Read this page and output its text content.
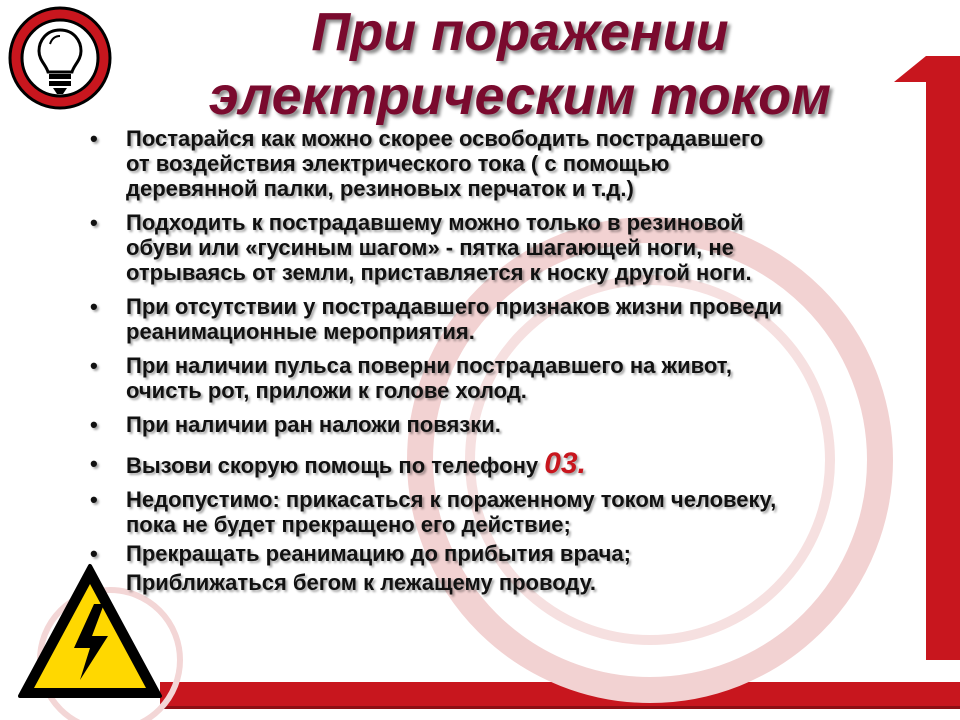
При поражении
электрическим током
• Постарайся как можно скорее освободить пострадавшего
от воздействия электрического тока ( с помощью
деревянной палки, резиновых перчаток и т.д.)
• Подходить к пострадавшему можно только в резиновой
обуви или «гусиным шагом» - пятка шагающей ноги, не
отрываясь от земли, приставляется к носку другой ноги.
• При отсутствии у пострадавшего признаков жизни проведи
реанимационные мероприятия.
• При наличии пульса поверни пострадавшего на живот,
очисть рот, приложи к голове холод.
• При наличии ран наложи повязки.
• Вызови скорую помощь по телефону 03.
• Недопустимо: прикасаться к пораженному током человеку,
пока не будет прекращено его действие;
• Прекращать реанимацию до прибытия врача;
Приближаться бегом к лежащему проводу.
